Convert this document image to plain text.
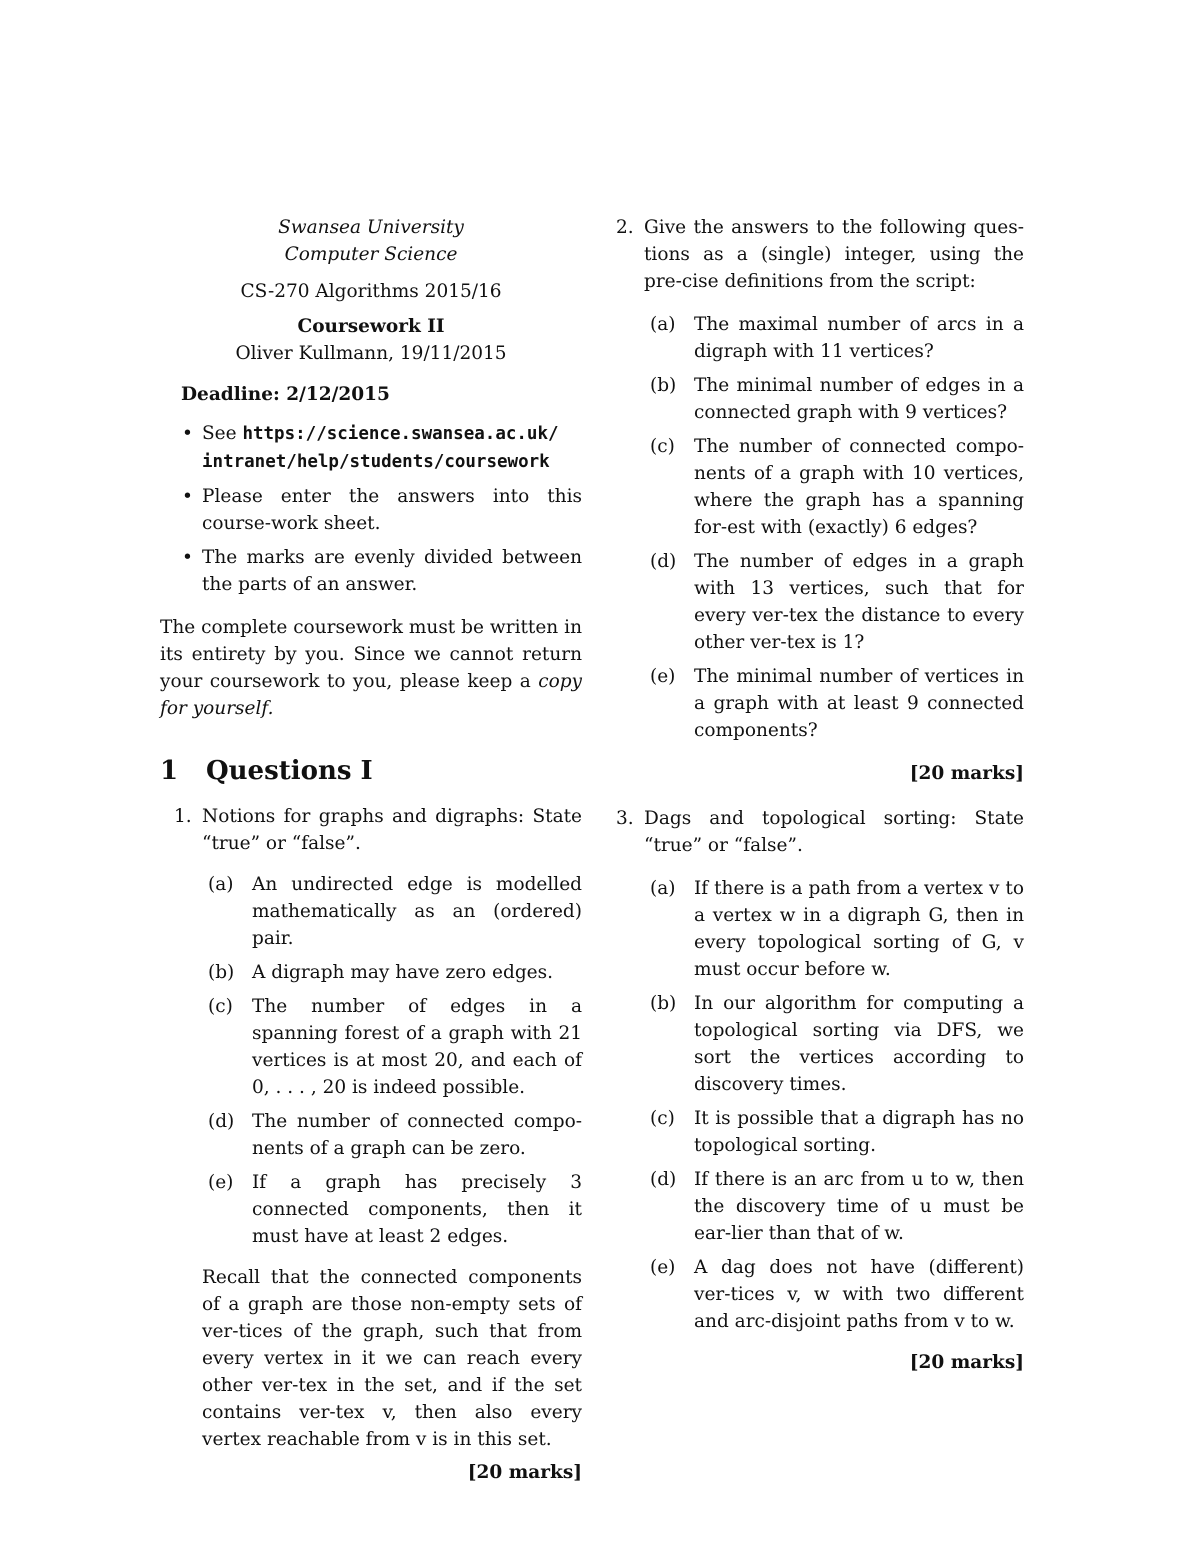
Swansea University
Computer Science
CS-270 Algorithms 2015/16
Coursework II
Oliver Kullmann, 19/11/2015
Deadline: 2/12/2015
• See https://science.swansea.ac.uk/
intranet/help/students/coursework
• Please enter the answers into this course-work sheet.
• The marks are evenly divided between the parts of an answer.
The complete coursework must be written in its entirety by you. Since we cannot return your coursework to you, please keep a copy for yourself.
1 Questions I
1. Notions for graphs and digraphs: State “true” or “false”.
(a) An undirected edge is modelled mathematically as an (ordered) pair.
(b) A digraph may have zero edges.
(c) The number of edges in a spanning forest of a graph with 21 vertices is at most 20, and each of 0, . . . , 20 is indeed possible.
(d) The number of connected compo-nents of a graph can be zero.
(e) If a graph has precisely 3 connected components, then it must have at least 2 edges.
Recall that the connected components of a graph are those non-empty sets of ver-tices of the graph, such that from every vertex in it we can reach every other ver-tex in the set, and if the set contains ver-tex v, then also every vertex reachable from v is in this set.
[20 marks]
2. Give the answers to the following ques-tions as a (single) integer, using the pre-cise definitions from the script:
(a) The maximal number of arcs in a digraph with 11 vertices?
(b) The minimal number of edges in a connected graph with 9 vertices?
(c) The number of connected compo-nents of a graph with 10 vertices, where the graph has a spanning for-est with (exactly) 6 edges?
(d) The number of edges in a graph with 13 vertices, such that for every ver-tex the distance to every other ver-tex is 1?
(e) The minimal number of vertices in a graph with at least 9 connected components?
[20 marks]
3. Dags and topological sorting: State “true” or “false”.
(a) If there is a path from a vertex v to a vertex w in a digraph G, then in every topological sorting of G, v must occur before w.
(b) In our algorithm for computing a topological sorting via DFS, we sort the vertices according to discovery times.
(c) It is possible that a digraph has no topological sorting.
(d) If there is an arc from u to w, then the discovery time of u must be ear-lier than that of w.
(e) A dag does not have (different) ver-tices v, w with two different and arc-disjoint paths from v to w.
[20 marks]
